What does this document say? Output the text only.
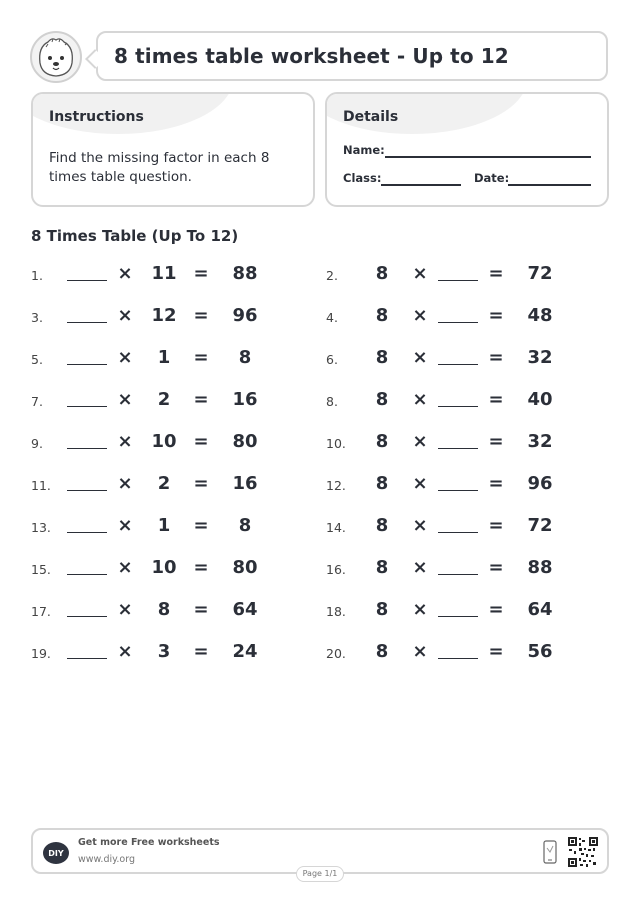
8 times table worksheet - Up to 12
Instructions
Find the missing factor in each 8 times table question.
Details
Name:
Class:	Date:
8 Times Table (Up To 12)
1.	× 11 = 88
3.	× 12 = 96
5.	×	1	=	8
7.	×	2	= 16
9.	× 10 = 80
11.	×	2	= 16
13.	×	1	=	8
15.	× 10 = 80
17.	×	8	= 64
19.	×	3	= 24
2. 8 ×	= 72
4. 8 ×	= 48
6. 8 ×	= 32
8. 8 ×	= 40
10. 8 ×	= 32
12. 8 ×	= 96
14. 8 ×	= 72
16. 8 ×	= 88
18. 8 ×	= 64
20. 8 ×	= 56
DIY
Get more Free worksheets
www.diy.org
Page 1/1
